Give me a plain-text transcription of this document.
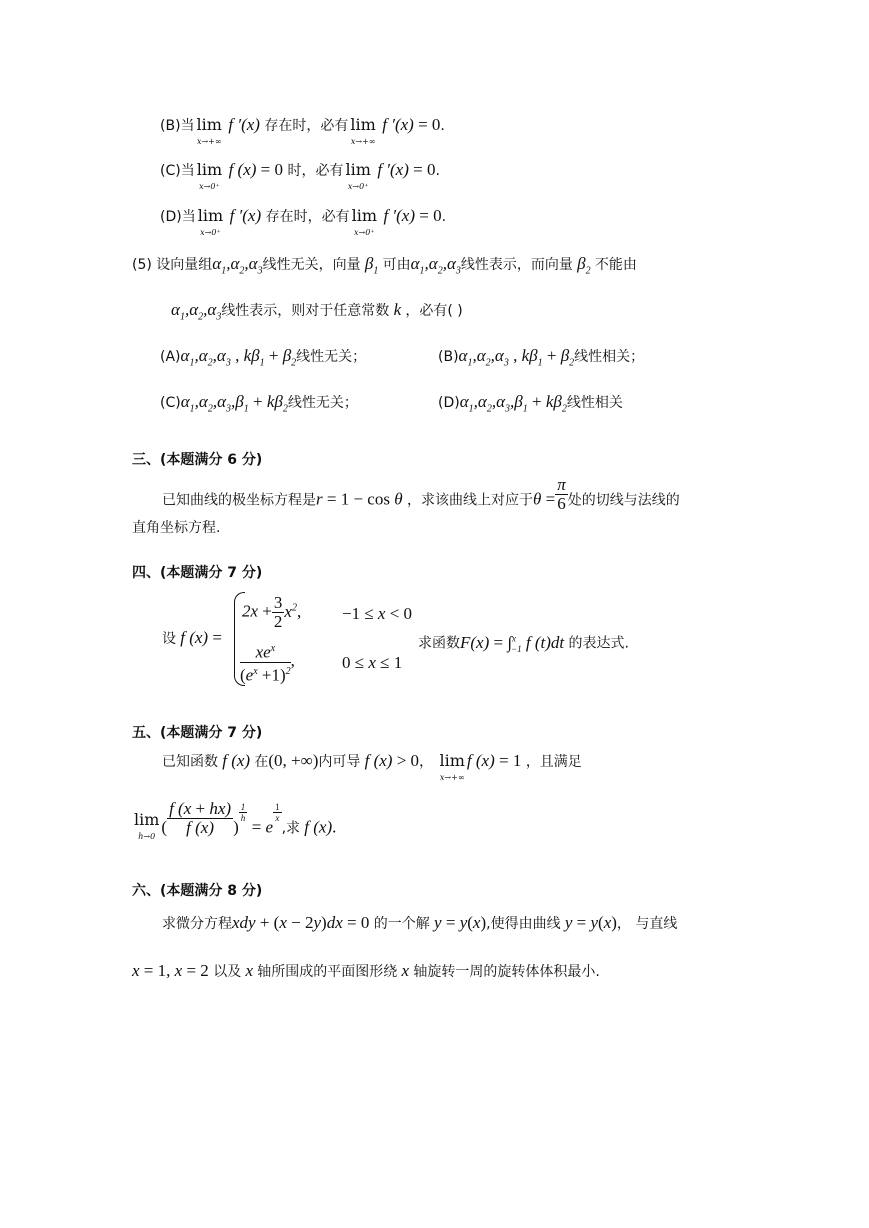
(B)当 lim
x→+∞
f ′(x) 存在时，必有 lim
x→+∞
f ′(x) = 0.
(C)当 lim
x→0⁺
f (x) = 0 时，必有 lim
x→0⁺
f ′(x) = 0.
(D)当 lim
x→0⁺
f ′(x) 存在时，必有 lim
x→0⁺
f ′(x) = 0.
(5) 设向量组$\alpha_1,\alpha_2,\alpha_3$线性无关，向量 $\beta_1$ 可由$\alpha_1,\alpha_2,\alpha_3$线性表示，而向量 $\beta_2$ 不能由
$\alpha_1,\alpha_2,\alpha_3$线性表示，则对于任意常数 k ，必有( )
$(A)\alpha_1,\alpha_2,\alpha_3$ , $k\beta_1 + \beta_2$线性无关；	$(B)\alpha_1,\alpha_2,\alpha_3$ , $k\beta_1 + \beta_2$线性相关；
$(C)\alpha_1,\alpha_2,\alpha_3,\beta_1 + k\beta_2$线性无关；	$(D)\alpha_1,\alpha_2,\alpha_3,\beta_1 + k\beta_2$线性相关
三、(本题满分 6 分)
已知曲线的极坐标方程是r = 1 − cos θ ，求该曲线上对应于$\theta = \frac{\pi}{6}$ 处的切线与法线的
直角坐标方程.
四、(本题满分 7 分)
设 f (x) =
$2x + \frac{3}{2} x^2$, −1 ≤ x < 0
$\frac{xe^x}{(e^x +1)^2}$ ,	0 ≤ x ≤ 1
求函数F(x) = ∫$^x_{-1}$ f (t)dt 的表达式.
五、(本题满分 7 分)
已知函数 f (x) 在(0, +∞)内可导 f (x) > 0， lim
x→+∞
f (x) = 1 ，且满足
lim
h→0 ( $\frac{f (x + hx)}{f (x)}$ )
$^{\frac{1}{h}}$
= e
$^{\frac{1}{x}}$
,求 f (x).
六、(本题满分 8 分)
求微分方程xdy + (x − 2y)dx = 0 的一个解 y = y(x),使得由曲线 y = y(x)， 与直线
x = 1, x = 2 以及 x 轴所围成的平面图形绕 x 轴旋转一周的旋转体体积最小.
